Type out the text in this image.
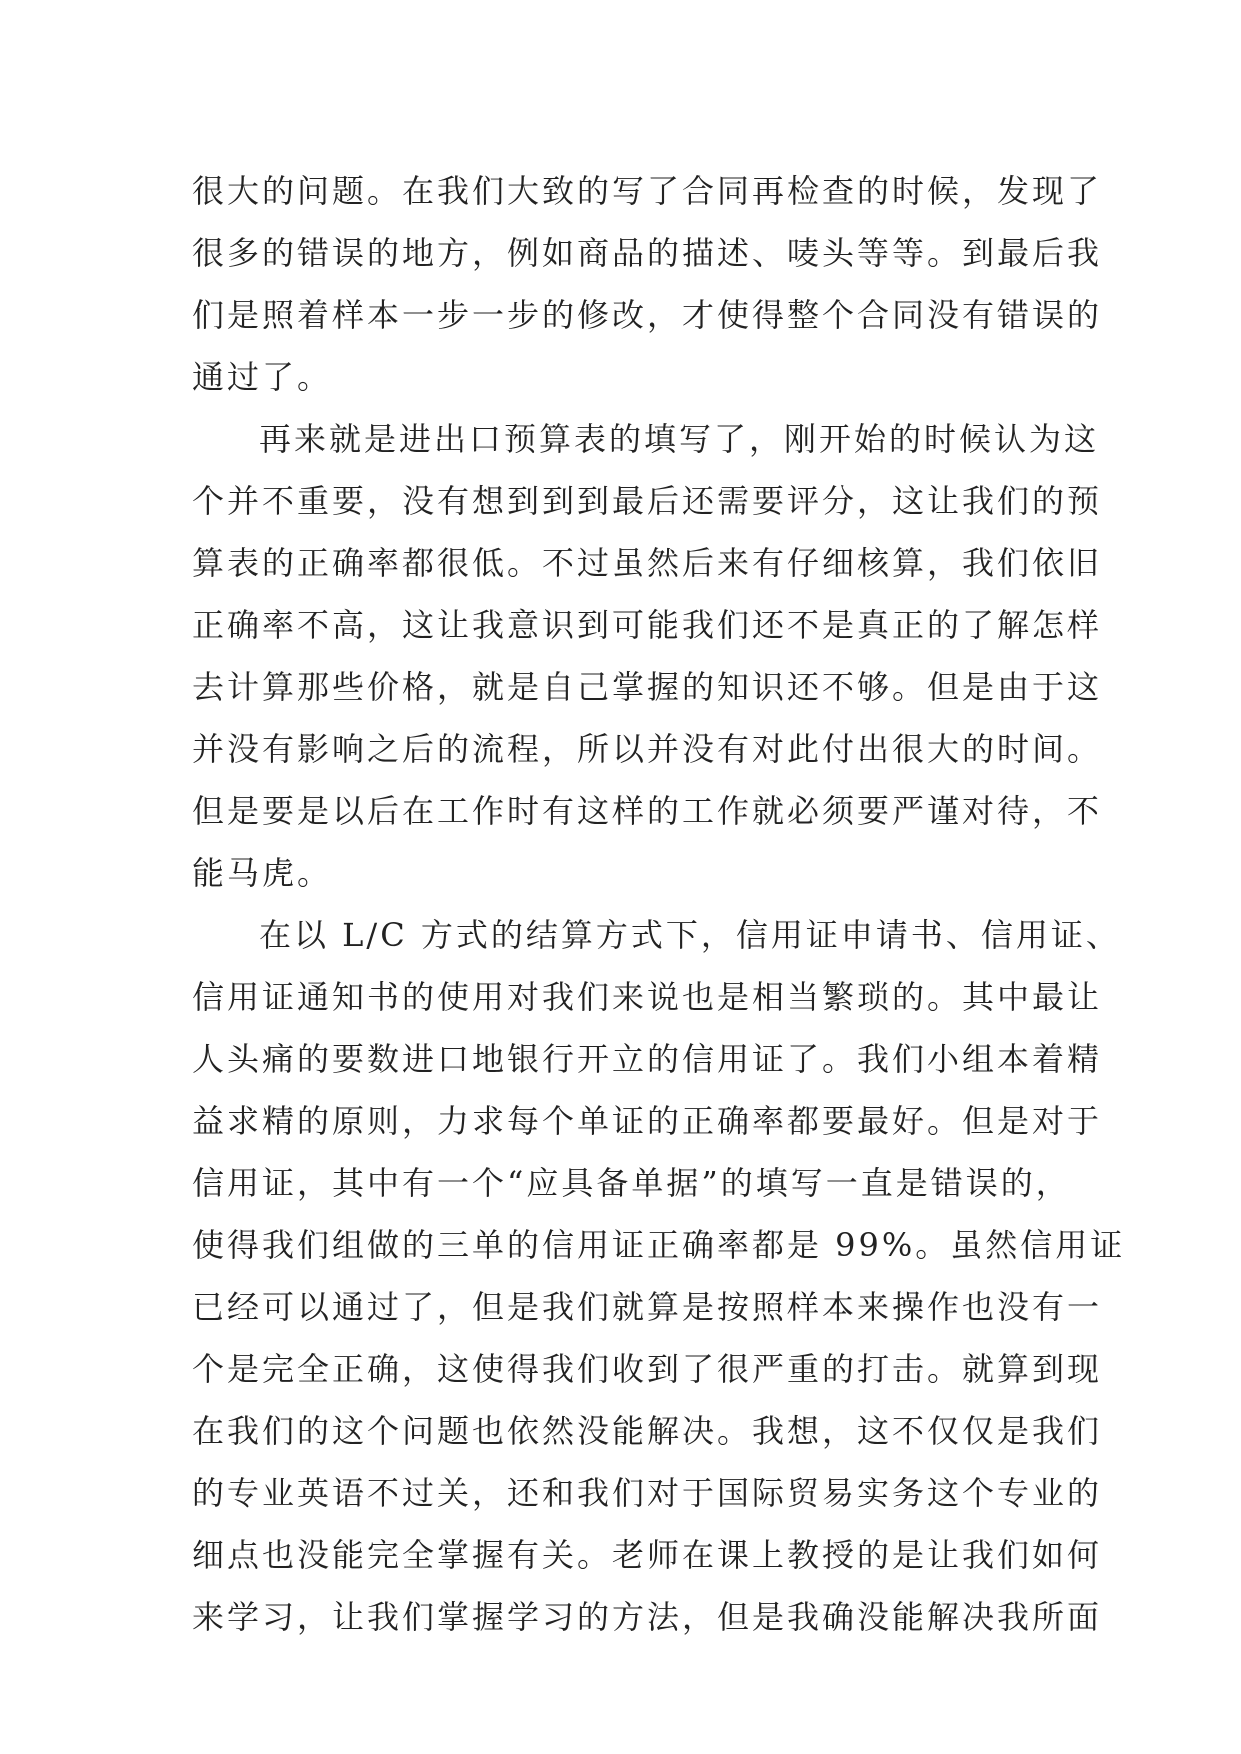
很大的问题。在我们大致的写了合同再检查的时候，发现了
很多的错误的地方，例如商品的描述、唛头等等。到最后我
们是照着样本一步一步的修改，才使得整个合同没有错误的
通过了。
再来就是进出口预算表的填写了，刚开始的时候认为这
个并不重要，没有想到到到最后还需要评分，这让我们的预
算表的正确率都很低。不过虽然后来有仔细核算，我们依旧
正确率不高，这让我意识到可能我们还不是真正的了解怎样
去计算那些价格，就是自己掌握的知识还不够。但是由于这
并没有影响之后的流程，所以并没有对此付出很大的时间。
但是要是以后在工作时有这样的工作就必须要严谨对待，不
能马虎。
在以 L/C 方式的结算方式下，信用证申请书、信用证、
信用证通知书的使用对我们来说也是相当繁琐的。其中最让
人头痛的要数进口地银行开立的信用证了。我们小组本着精
益求精的原则，力求每个单证的正确率都要最好。但是对于
信用证，其中有一个“应具备单据”的填写一直是错误的，
使得我们组做的三单的信用证正确率都是 99%。虽然信用证
已经可以通过了，但是我们就算是按照样本来操作也没有一
个是完全正确，这使得我们收到了很严重的打击。就算到现
在我们的这个问题也依然没能解决。我想，这不仅仅是我们
的专业英语不过关，还和我们对于国际贸易实务这个专业的
细点也没能完全掌握有关。老师在课上教授的是让我们如何
来学习，让我们掌握学习的方法，但是我确没能解决我所面
